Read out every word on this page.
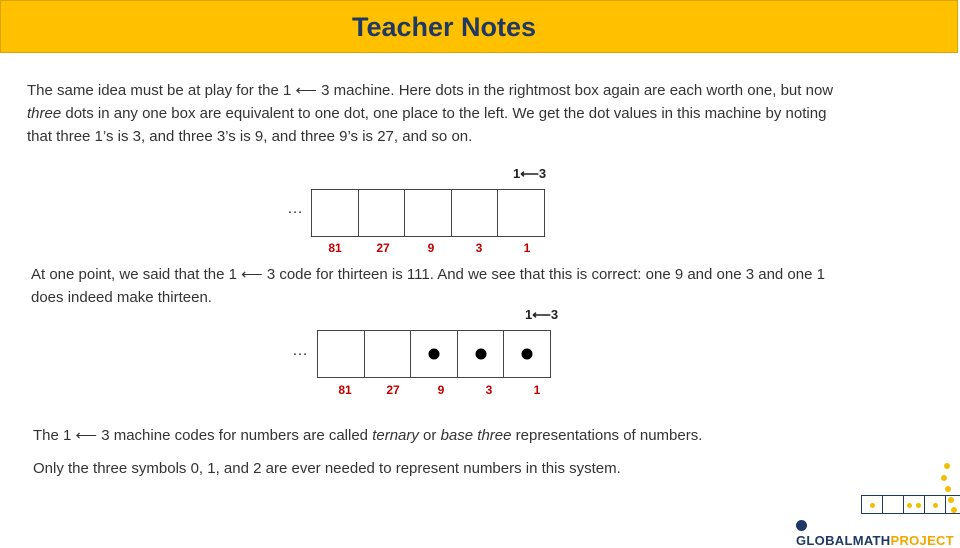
Teacher Notes
The same idea must be at play for the 1 ⟵ 3 machine. Here dots in the rightmost box again are each worth one, but now
three dots in any one box are equivalent to one dot, one place to the left. We get the dot values in this machine by noting
that three 1’s is 3, and three 3’s is 9, and three 9’s is 27, and so on.
1⟵3
…
81	27	9	3	1
At one point, we said that the 1 ⟵ 3 code for thirteen is 111. And we see that this is correct: one 9 and one 3 and one 1
does indeed make thirteen.
1⟵3
…
81	27	9	3	1
The 1 ⟵ 3 machine codes for numbers are called ternary or base three representations of numbers.
Only the three symbols 0, 1, and 2 are ever needed to represent numbers in this system.
GLOBALMATHPROJECT
